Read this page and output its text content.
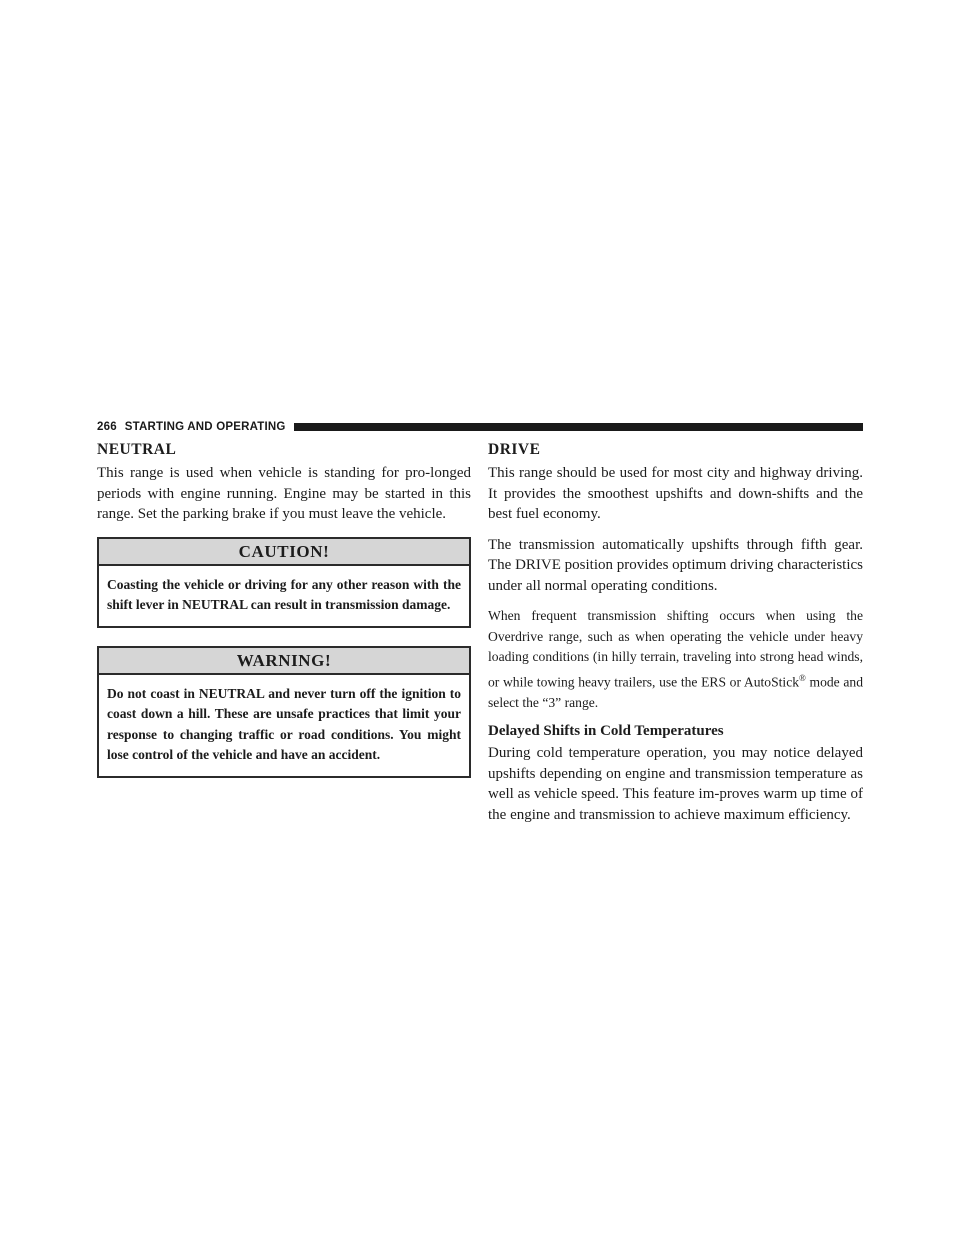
266 STARTING AND OPERATING
NEUTRAL

This range is used when vehicle is standing for pro-longed periods with engine running. Engine may be started in this range. Set the parking brake if you must leave the vehicle.

CAUTION!
Coasting the vehicle or driving for any other reason with the shift lever in NEUTRAL can result in transmission damage.
WARNING!
Do not coast in NEUTRAL and never turn off the ignition to coast down a hill. These are unsafe practices that limit your response to changing traffic or road conditions. You might lose control of the vehicle and have an accident.
DRIVE

This range should be used for most city and highway driving. It provides the smoothest upshifts and down-shifts and the best fuel economy.

The transmission automatically upshifts through fifth gear. The DRIVE position provides optimum driving characteristics under all normal operating conditions.

When frequent transmission shifting occurs when using the Overdrive range, such as when operating the vehicle under heavy loading conditions (in hilly terrain, traveling into strong head winds, or while towing heavy trailers, use the ERS or AutoStick® mode and select the “3” range.

Delayed Shifts in Cold Temperatures

During cold temperature operation, you may notice delayed upshifts depending on engine and transmission temperature as well as vehicle speed. This feature im-proves warm up time of the engine and transmission to achieve maximum efficiency.
